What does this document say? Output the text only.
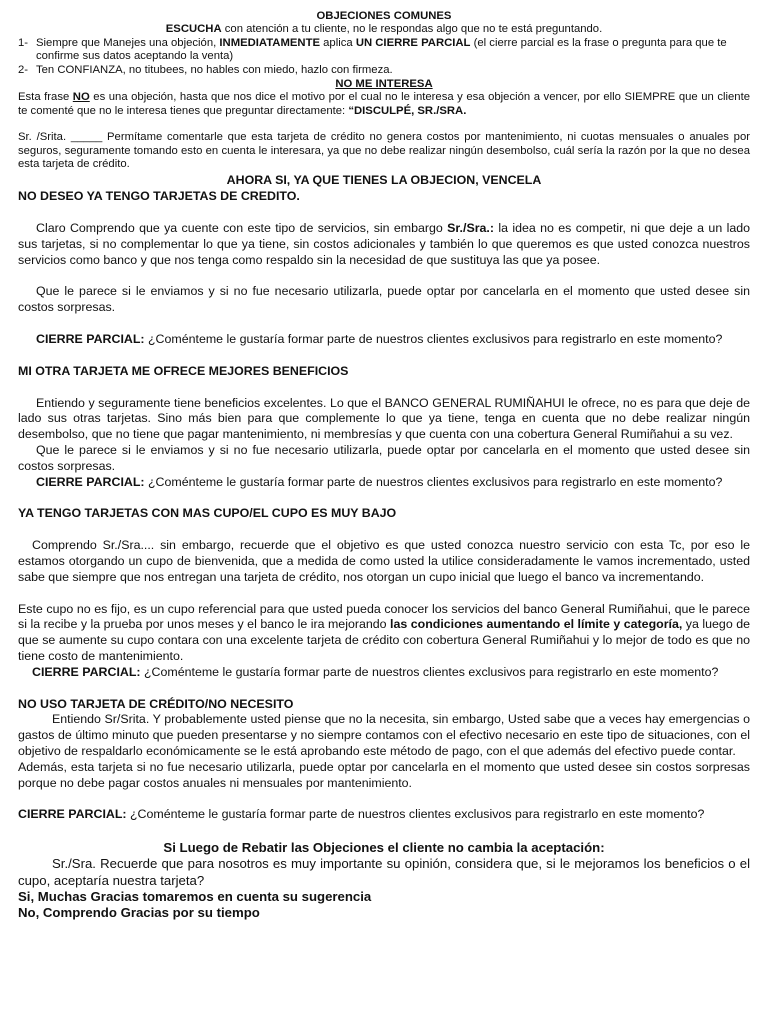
OBJECIONES COMUNES

ESCUCHA con atención a tu cliente, no le respondas algo que no te está preguntando.

1- Siempre que Manejes una objeción, INMEDIATAMENTE aplica UN CIERRE PARCIAL (el cierre parcial es la frase o pregunta para que te confirme sus datos aceptando la venta)
2- Ten CONFIANZA, no titubees, no hables con miedo, hazlo con firmeza.

NO ME INTERESA

Esta frase NO es una objeción, hasta que nos dice el motivo por el cual no le interesa y esa objeción a vencer, por ello SIEMPRE que un cliente te comenté que no le interesa tienes que preguntar directamente: “DISCULPÉ, SR./SRA.

Sr. /Srita. _____ Permítame comentarle que esta tarjeta de crédito no genera costos por mantenimiento, ni cuotas mensuales o anuales por seguros, seguramente tomando esto en cuenta le interesara, ya que no debe realizar ningún desembolso, cuál sería la razón por la que no desea esta tarjeta de crédito.

AHORA SI, YA QUE TIENES LA OBJECION, VENCELA

NO DESEO YA TENGO TARJETAS DE CREDITO.

Claro Comprendo que ya cuente con este tipo de servicios, sin embargo Sr./Sra.: la idea no es competir, ni que deje a un lado sus tarjetas, si no complementar lo que ya tiene, sin costos adicionales y también lo que queremos es que usted conozca nuestros servicios como banco y que nos tenga como respaldo sin la necesidad de que sustituya las que ya posee.

Que le parece si le enviamos y si no fue necesario utilizarla, puede optar por cancelarla en el momento que usted desee sin costos sorpresas.

CIERRE PARCIAL: ¿Coménteme le gustaría formar parte de nuestros clientes exclusivos para registrarlo en este momento?

MI OTRA TARJETA ME OFRECE MEJORES BENEFICIOS

Entiendo y seguramente tiene beneficios excelentes. Lo que el BANCO GENERAL RUMIÑAHUI le ofrece, no es para que deje de lado sus otras tarjetas. Sino más bien para que complemente lo que ya tiene, tenga en cuenta que no debe realizar ningún desembolso, que no tiene que pagar mantenimiento, ni membresías y que cuenta con una cobertura General Rumiñahui a su vez.

Que le parece si le enviamos y si no fue necesario utilizarla, puede optar por cancelarla en el momento que usted desee sin costos sorpresas.

CIERRE PARCIAL: ¿Coménteme le gustaría formar parte de nuestros clientes exclusivos para registrarlo en este momento?

YA TENGO TARJETAS CON MAS CUPO/EL CUPO ES MUY BAJO

Comprendo Sr./Sra.... sin embargo, recuerde que el objetivo es que usted conozca nuestro servicio con esta Tc, por eso le estamos otorgando un cupo de bienvenida, que a medida de como usted la utilice consideradamente le vamos incrementado, usted sabe que siempre que nos entregan una tarjeta de crédito, nos otorgan un cupo inicial que luego el banco va incrementando.

Este cupo no es fijo, es un cupo referencial para que usted pueda conocer los servicios del banco General Rumiñahui, que le parece si la recibe y la prueba por unos meses y el banco le ira mejorando las condiciones aumentando el límite y categoría, ya luego de que se aumente su cupo contara con una excelente tarjeta de crédito con cobertura General Rumiñahui y lo mejor de todo es que no tiene costo de mantenimiento.

CIERRE PARCIAL: ¿Coménteme le gustaría formar parte de nuestros clientes exclusivos para registrarlo en este momento?

NO USO TARJETA DE CRÉDITO/NO NECESITO

Entiendo Sr/Srita. Y probablemente usted piense que no la necesita, sin embargo, Usted sabe que a veces hay emergencias o gastos de último minuto que pueden presentarse y no siempre contamos con el efectivo necesario en este tipo de situaciones, con el objetivo de respaldarlo económicamente se le está aprobando este método de pago, con el que además del efectivo puede contar.

Además, esta tarjeta si no fue necesario utilizarla, puede optar por cancelarla en el momento que usted desee sin costos sorpresas porque no debe pagar costos anuales ni mensuales por mantenimiento.

CIERRE PARCIAL: ¿Coménteme le gustaría formar parte de nuestros clientes exclusivos para registrarlo en este momento?

Si Luego de Rebatir las Objeciones el cliente no cambia la aceptación:

Sr./Sra. Recuerde que para nosotros es muy importante su opinión, considera que, si le mejoramos los beneficios o el cupo, aceptaría nuestra tarjeta?

Si, Muchas Gracias tomaremos en cuenta su sugerencia

No, Comprendo Gracias por su tiempo
